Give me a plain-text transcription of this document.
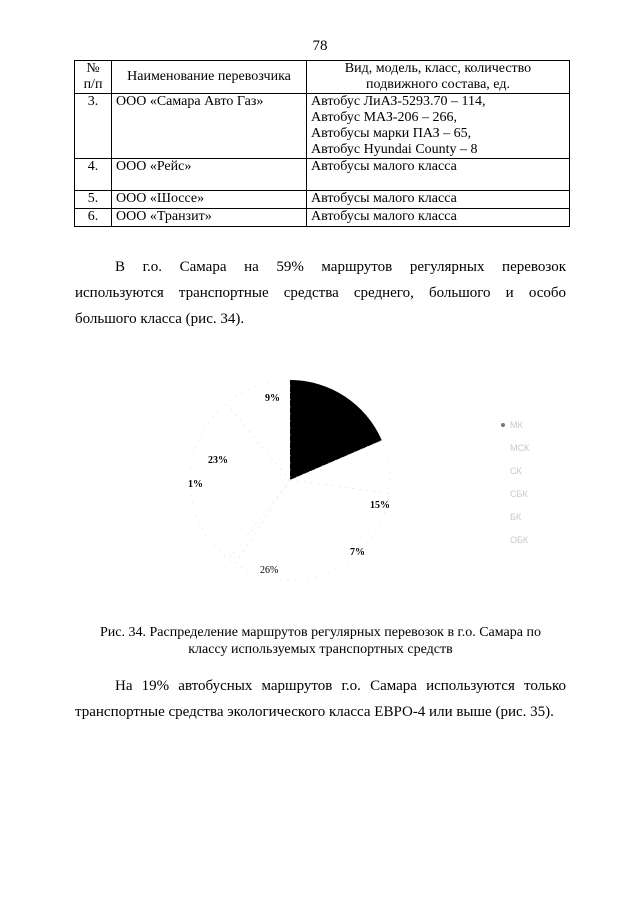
78
№
п/п	Наименование перевозчика	Вид, модель, класс, количество
подвижного состава, ед.
3.	ООО «Самара Авто Газ»	Автобус ЛиАЗ-5293.70 – 114,
Автобус МАЗ-206 – 266,
Автобусы марки ПАЗ – 65,
Автобус Hyundai County – 8

4.	ООО «Рейс»	Автобусы малого класса
5.	ООО «Шоссе»	Автобусы малого класса
6.	ООО «Транзит»	Автобусы малого класса
В г.о. Самара на 59% маршрутов регулярных перевозок
используются транспортные средства среднего, большого и особо
большого класса (рис. 34).
15%
7%
26%
1%
23%
9%
МК
МСК
СК
СБК
БК
ОБК
Рис. 34. Распределение маршрутов регулярных перевозок в г.о. Самара по
классу используемых транспортных средств
На 19% автобусных маршрутов г.о. Самара используются только
транспортные средства экологического класса ЕВРО-4 или выше (рис. 35).
